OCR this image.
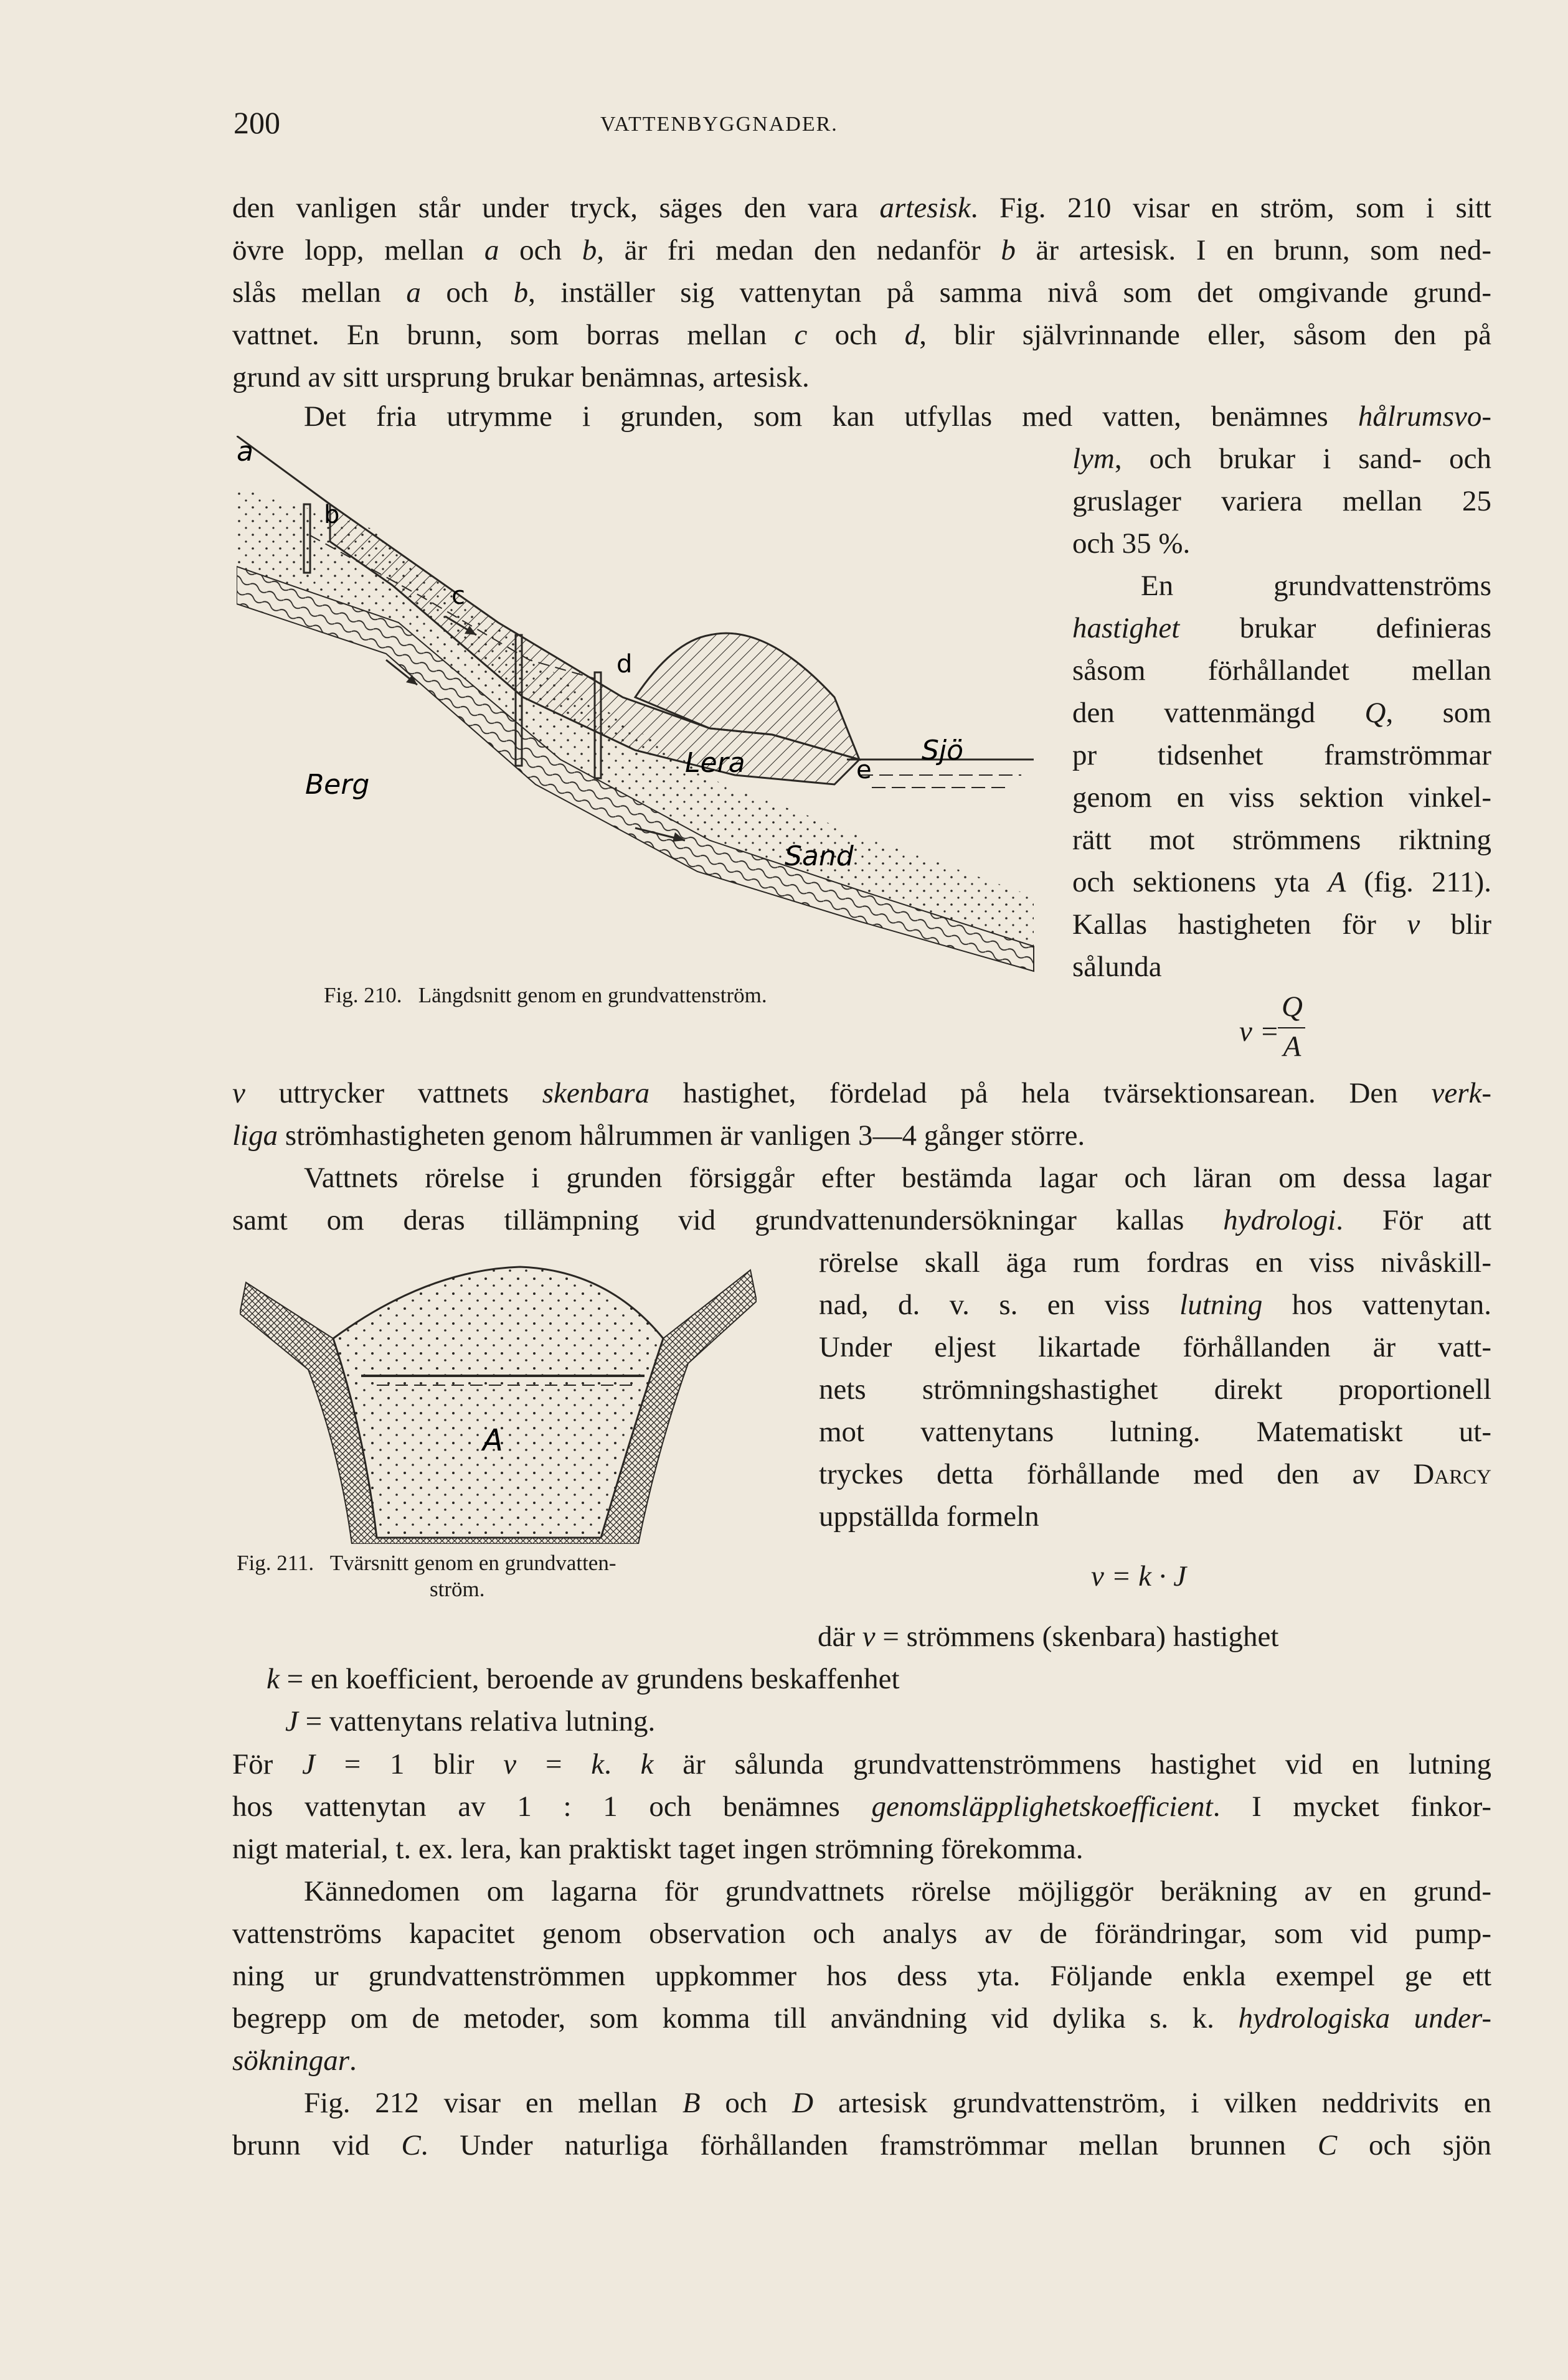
200	VATTENBYGGNADER.
den vanligen står under tryck, säges den vara artesisk. Fig. 210 visar en ström, som i sitt
övre lopp, mellan a och b, är fri medan den nedanför b är artesisk. I en brunn, som ned-
slås mellan a och b, inställer sig vattenytan på samma nivå som det omgivande grund-
vattnet. En brunn, som borras mellan c och d, blir självrinnande eller, såsom den på
grund av sitt ursprung brukar benämnas, artesisk.
Det fria utrymme i grunden, som kan utfyllas med vatten, benämnes hålrumsvo-
lym, och brukar i sand- och
gruslager variera mellan 25
och 35 %.
En grundvattenströms
hastighet brukar definieras
såsom förhållandet mellan
den vattenmängd Q, som
pr tidsenhet framströmmar
genom en viss sektion vinkel-
rätt mot strömmens riktning
och sektionens yta A (fig. 211).
Kallas hastigheten för v blir
sålunda
v =
Q
A
v uttrycker vattnets skenbara hastighet, fördelad på hela tvärsektionsarean. Den verk-
liga strömhastigheten genom hålrummen är vanligen 3—4 gånger större.
Vattnets rörelse i grunden försiggår efter bestämda lagar och läran om dessa lagar
samt om deras tillämpning vid grundvattenundersökningar kallas hydrologi. För att
rörelse skall äga rum fordras en viss nivåskill-
nad, d. v. s. en viss lutning hos vattenytan.
Under eljest likartade förhållanden är vatt-
nets strömningshastighet direkt proportionell
mot vattenytans lutning. Matematiskt ut-
tryckes detta förhållande med den av Darcy
uppställda formeln
v = k · J
där v = strömmens (skenbara) hastighet
k = en koefficient, beroende av grundens beskaffenhet
J = vattenytans relativa lutning.
För J = 1 blir v = k. k är sålunda grundvattenströmmens hastighet vid en lutning
hos vattenytan av 1 : 1 och benämnes genomsläpplighetskoefficient. I mycket finkor-
nigt material, t. ex. lera, kan praktiskt taget ingen strömning förekomma.
Kännedomen om lagarna för grundvattnets rörelse möjliggör beräkning av en grund-
vattenströms kapacitet genom observation och analys av de förändringar, som vid pump-
ning ur grundvattenströmmen uppkommer hos dess yta. Följande enkla exempel ge ett
begrepp om de metoder, som komma till användning vid dylika s. k. hydrologiska under-
sökningar.
Fig. 212 visar en mellan B och D artesisk grundvattenström, i vilken neddrivits en
brunn vid C. Under naturliga förhållanden framströmmar mellan brunnen C och sjön
a
b
c
d
e
Berg
Lera
Sand
Sjö
Fig. 210. Längdsnitt genom en grundvattenström.
A
Fig. 211. Tvärsnitt genom en grundvatten-
ström.
